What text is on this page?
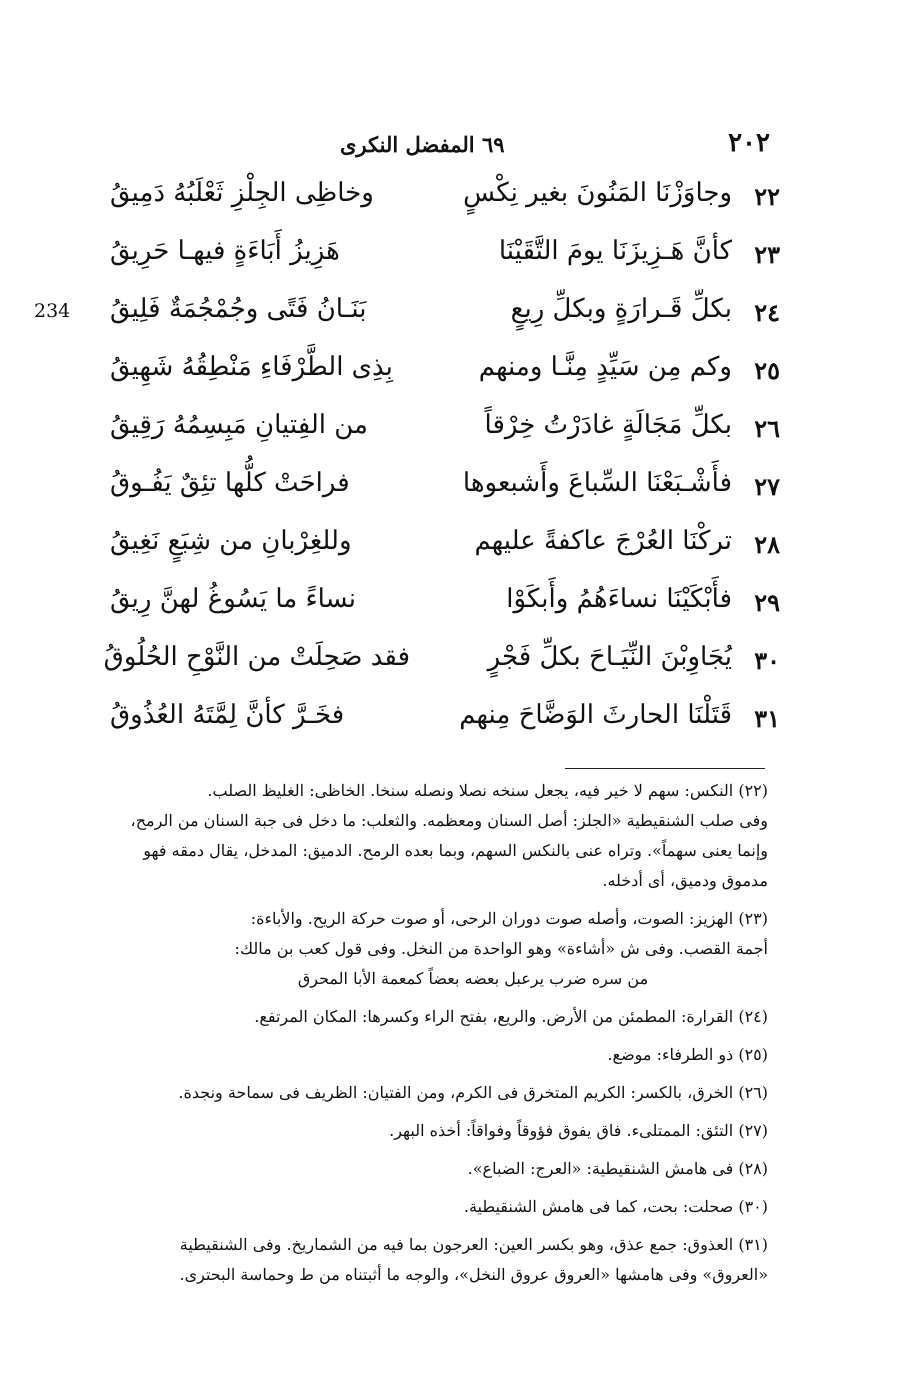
٢٠٢
٦٩ المفضل النكرى
234
٢٢
وجاوَزْنَا المَنُونَ بغير نِكْسٍ
وخاظِى الجِلْزِ ثَعْلَبُهُ دَمِيقُ
٢٣
كأنَّ هَـزِيزَنَا يومَ التَّقَيْنَا
هَزِيزُ أَبَاءَةٍ فيهـا حَرِيقُ
٢٤
بكلِّ قَـرارَةٍ وبكلِّ رِيعٍ
بَنَـانُ فَتًى وجُمْجُمَةٌ فَلِيقُ
٢٥
وكم مِن سَيِّدٍ مِنَّـا ومنهم
بِذِى الطَّرْفَاءِ مَنْطِقُهُ شَهِيقُ
٢٦
بكلِّ مَجَالَةٍ غادَرْتُ خِرْقاً
من الفِتيانِ مَبِسِمُهُ رَقِيقُ
٢٧
فأَشْـبَعْنَا السِّباعَ وأَشبعوها
فراحَتْ كلُّها تئِقٌ يَفُـوقُ
٢٨
تركْنَا العُرْجَ عاكفةً عليهم
وللغِرْبانِ من شِبَعٍ نَغِيقُ
٢٩
فأَبْكَيْنَا نساءَهُمُ وأَبكَوْا
نساءً ما يَسُوغُ لهنَّ رِيقُ
٣٠
يُجَاوِبْنَ النِّيَـاحَ بكلِّ فَجْرٍ
فقد صَحِلَتْ من النَّوْحِ الحُلُوقُ
٣١
قَتَلْنَا الحارثَ الوَضَّاحَ مِنهم
فخَـرَّ كأنَّ لِمَّتَهُ العُذُوقُ

(٢٢) النكس: سهم لا خير فيه، يجعل سنخه نصلا ونصله سنخا. الخاظى: الغليظ الصلب.

وفى صلب الشنقيطية «الجلز: أصل السنان ومعظمه. والثعلب: ما دخل فى جبة السنان من الرمح،

وإنما يعنى سهماً». وتراه عنى بالنكس السهم، وبما بعده الرمح. الدميق: المدخل، يقال دمقه فهو

مدموق ودميق، أى أدخله.

(٢٣) الهزيز: الصوت، وأصله صوت دوران الرحى، أو صوت حركة الريح. والأباءة:

أجمة القصب. وفى ش «أشاءة» وهو الواحدة من النخل. وفى قول كعب بن مالك:

من سره ضرب يرعبل بعضه بعضاً كمعمة الأبا المحرق

(٢٤) القرارة: المطمئن من الأرض. والريع، بفتح الراء وكسرها: المكان المرتفع.

(٢٥) ذو الطرفاء: موضع.

(٢٦) الخرق، بالكسر: الكريم المتخرق فى الكرم، ومن الفتيان: الظريف فى سماحة ونجدة.

(٢٧) التئق: الممتلىء. فاق يفوق فؤوقاً وفواقاً: أخذه البهر.

(٢٨) فى هامش الشنقيطية: «العرج: الضباع».

(٣٠) صحلت: بحت، كما فى هامش الشنقيطية.

(٣١) العذوق: جمع عذق، وهو بكسر العين: العرجون بما فيه من الشماريخ. وفى الشنقيطية

«العروق» وفى هامشها «العروق عروق النخل»، والوجه ما أثبتناه من ط وحماسة البحترى.
